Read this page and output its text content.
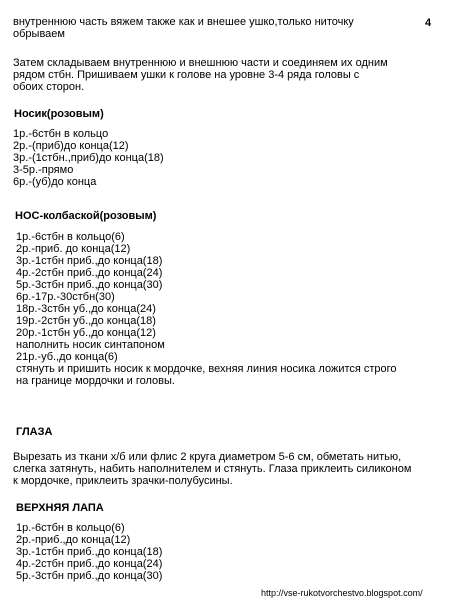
4
внутреннюю часть вяжем также как и внешее ушко,только ниточку
обрываем
Затем складываем внутреннюю и внешнюю части и соединяем их одним
рядом стбн. Пришиваем ушки к голове на уровне 3-4 ряда головы с
обоих сторон.
Носик(розовым)
1р.-6стбн в кольцо
2р.-(приб)до конца(12)
3р.-(1стбн.,приб)до конца(18)
3-5р.-прямо
6р.-(уб)до конца
НОС-колбаской(розовым)
1р.-6стбн в кольцо(6)
2р.-приб. до конца(12)
3р.-1стбн приб.,до конца(18)
4р.-2стбн приб.,до конца(24)
5р.-3стбн приб.,до конца(30)
6р.-17р.-30стбн(30)
18р.-3стбн уб.,до конца(24)
19р.-2стбн уб.,до конца(18)
20р.-1стбн уб.,до конца(12)
наполнить носик синтапоном
21р.-уб.,до конца(6)
стянуть и пришить носик к мордочке, вехняя линия носика ложится строго
на границе мордочки и головы.
ГЛАЗА
Вырезать из ткани х/б или флис 2 круга диаметром 5-6 см, обметать нитью,
слегка затянуть, набить наполнителем и стянуть. Глаза приклеить силиконом
к мордочке, приклеить зрачки-полубусины.
ВЕРХНЯЯ ЛАПА
1р.-6стбн в кольцо(6)
2р.-приб.,до конца(12)
3р.-1стбн приб.,до конца(18)
4р.-2стбн приб.,до конца(24)
5р.-3стбн приб.,до конца(30)
http://vse-rukotvorchestvo.blogspot.com/
